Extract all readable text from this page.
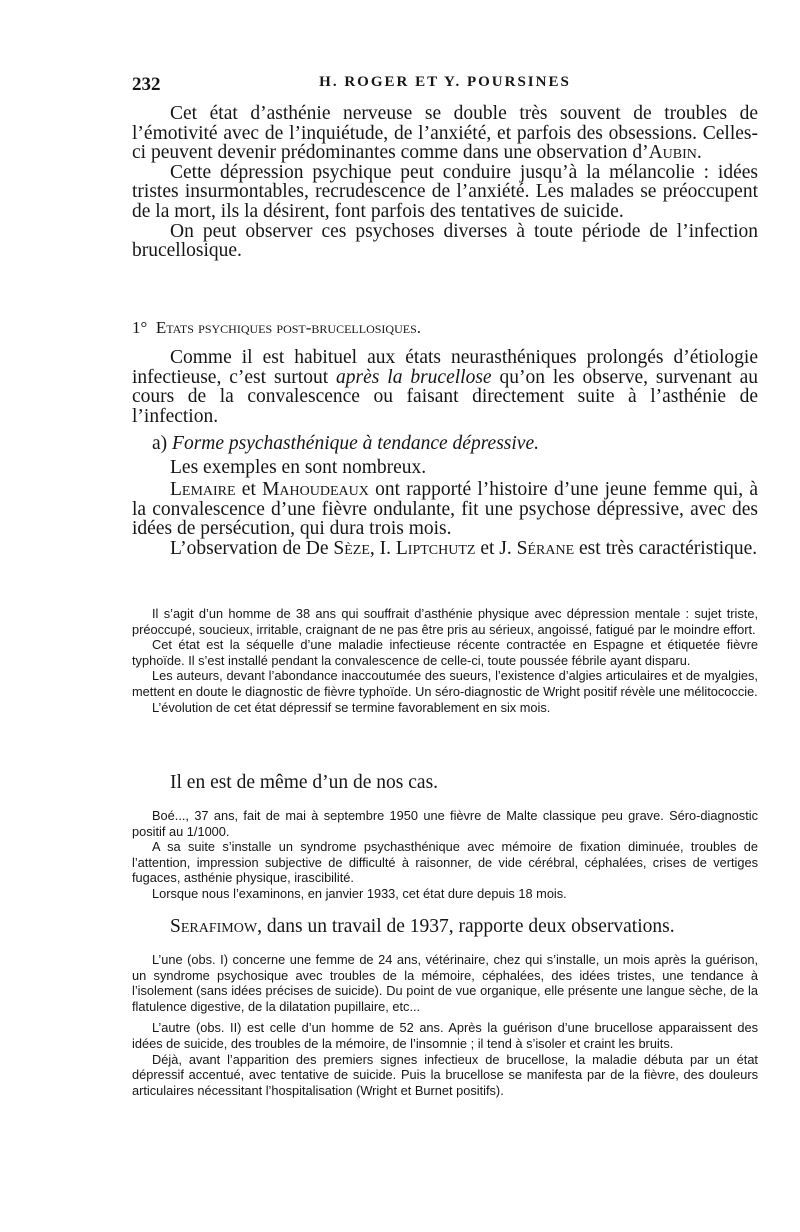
232	H. ROGER ET Y. POURSINES

Cet état d’asthénie nerveuse se double très souvent de troubles de l’émotivité avec de l’inquiétude, de l’anxiété, et parfois des obsessions. Celles-ci peuvent devenir prédominantes comme dans une observation d’Aubin.

Cette dépression psychique peut conduire jusqu’à la mélancolie : idées tristes insurmontables, recrudescence de l’anxiété. Les malades se préoccupent de la mort, ils la désirent, font parfois des tentatives de suicide.

On peut observer ces psychoses diverses à toute période de l’infection brucellosique.

1° Etats psychiques post-brucellosiques.

Comme il est habituel aux états neurasthéniques prolongés d’étiologie infectieuse, c’est surtout après la brucellose qu’on les observe, survenant au cours de la convalescence ou faisant directement suite à l’asthénie de l’infection.

a) Forme psychasthénique à tendance dépressive.

Les exemples en sont nombreux.

Lemaire et Mahoudeaux ont rapporté l’histoire d’une jeune femme qui, à la convalescence d’une fièvre ondulante, fit une psychose dépressive, avec des idées de persécution, qui dura trois mois.

L’observation de De Sèze, I. Liptchutz et J. Sérane est très caractéristique.

Il s’agit d’un homme de 38 ans qui souffrait d’asthénie physique avec dépression mentale : sujet triste, préoccupé, soucieux, irritable, craignant de ne pas être pris au sérieux, angoissé, fatigué par le moindre effort.

Cet état est la séquelle d’une maladie infectieuse récente contractée en Espagne et étiquetée fièvre typhoïde. Il s’est installé pendant la convalescence de celle-ci, toute poussée fébrile ayant disparu.

Les auteurs, devant l’abondance inaccoutumée des sueurs, l’existence d’algies articulaires et de myalgies, mettent en doute le diagnostic de fièvre typhoïde. Un séro-diagnostic de Wright positif révèle une mélitococcie.

L’évolution de cet état dépressif se termine favorablement en six mois.

Il en est de même d’un de nos cas.

Boé..., 37 ans, fait de mai à septembre 1950 une fièvre de Malte classique peu grave. Séro-diagnostic positif au 1/1000.

A sa suite s’installe un syndrome psychasthénique avec mémoire de fixation diminuée, troubles de l’attention, impression subjective de difficulté à raisonner, de vide cérébral, céphalées, crises de vertiges fugaces, asthénie physique, irascibilité.

Lorsque nous l’examinons, en janvier 1933, cet état dure depuis 18 mois.

Serafimow, dans un travail de 1937, rapporte deux observations.

L’une (obs. I) concerne une femme de 24 ans, vétérinaire, chez qui s’installe, un mois après la guérison, un syndrome psychosique avec troubles de la mémoire, céphalées, des idées tristes, une tendance à l’isolement (sans idées précises de suicide). Du point de vue organique, elle présente une langue sèche, de la flatulence digestive, de la dilatation pupillaire, etc...

L’autre (obs. II) est celle d’un homme de 52 ans. Après la guérison d’une brucellose apparaissent des idées de suicide, des troubles de la mémoire, de l’insomnie ; il tend à s’isoler et craint les bruits.

Déjà, avant l’apparition des premiers signes infectieux de brucellose, la maladie débuta par un état dépressif accentué, avec tentative de suicide. Puis la brucellose se manifesta par de la fièvre, des douleurs articulaires nécessitant l’hospitalisation (Wright et Burnet positifs).
